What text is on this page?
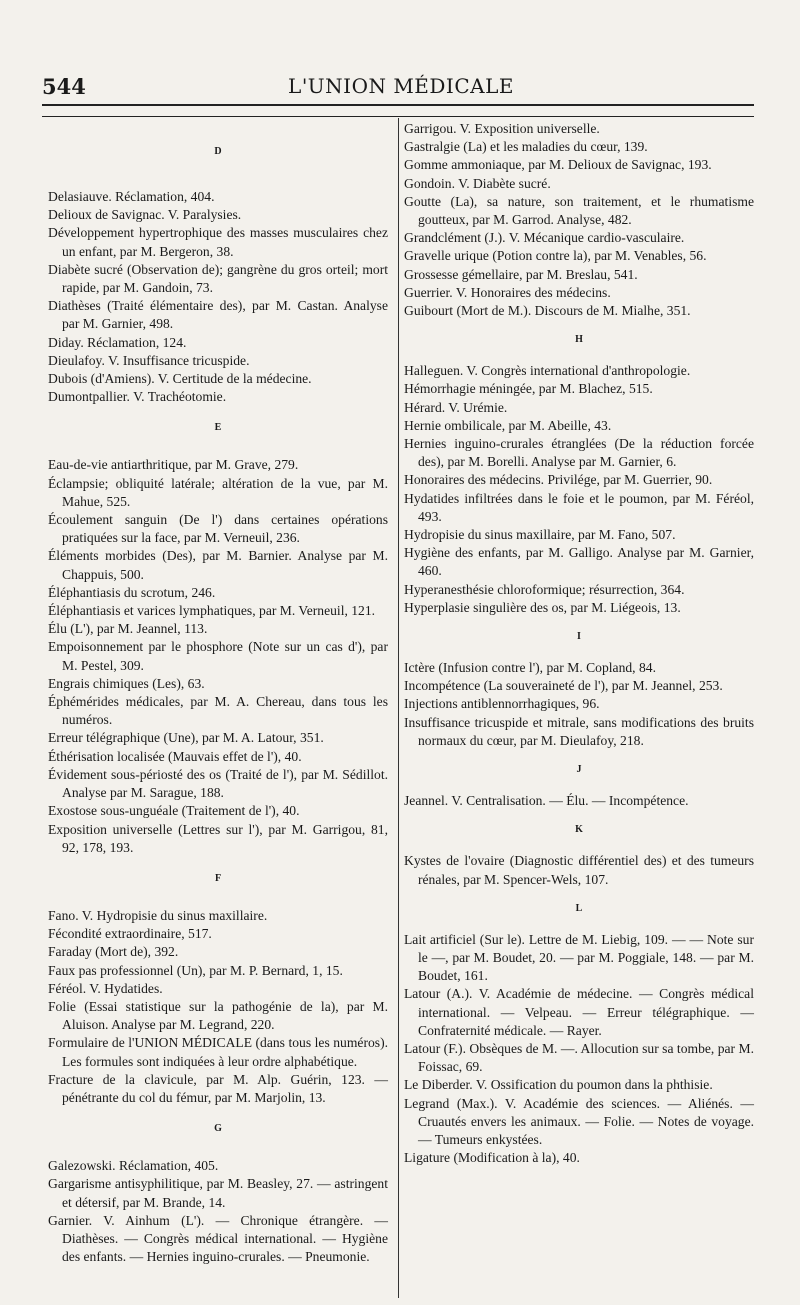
544	L'UNION MÉDICALE
D
Delasiauve. Réclamation, 404.
Delioux de Savignac. V. Paralysies.
Développement hypertrophique des masses musculaires chez un enfant, par M. Bergeron, 38.
Diabète sucré (Observation de); gangrène du gros orteil; mort rapide, par M. Gandoin, 73.
Diathèses (Traité élémentaire des), par M. Castan. Analyse par M. Garnier, 498.
Diday. Réclamation, 124.
Dieulafoy. V. Insuffisance tricuspide.
Dubois (d'Amiens). V. Certitude de la médecine.
Dumontpallier. V. Trachéotomie.
E
Eau-de-vie antiarthritique, par M. Grave, 279.
Éclampsie; obliquité latérale; altération de la vue, par M. Mahue, 525.
Écoulement sanguin (De l') dans certaines opérations pratiquées sur la face, par M. Verneuil, 236.
Éléments morbides (Des), par M. Barnier. Analyse par M. Chappuis, 500.
Éléphantiasis du scrotum, 246.
Éléphantiasis et varices lymphatiques, par M. Verneuil, 121.
Élu (L'), par M. Jeannel, 113.
Empoisonnement par le phosphore (Note sur un cas d'), par M. Pestel, 309.
Engrais chimiques (Les), 63.
Éphémérides médicales, par M. A. Chereau, dans tous les numéros.
Erreur télégraphique (Une), par M. A. Latour, 351.
Éthérisation localisée (Mauvais effet de l'), 40.
Évidement sous-périosté des os (Traité de l'), par M. Sédillot. Analyse par M. Sarague, 188.
Exostose sous-unguéale (Traitement de l'), 40.
Exposition universelle (Lettres sur l'), par M. Garrigou, 81, 92, 178, 193.
F
Fano. V. Hydropisie du sinus maxillaire.
Fécondité extraordinaire, 517.
Faraday (Mort de), 392.
Faux pas professionnel (Un), par M. P. Bernard, 1, 15.
Féréol. V. Hydatides.
Folie (Essai statistique sur la pathogénie de la), par M. Aluison. Analyse par M. Legrand, 220.
Formulaire de l'UNION MÉDICALE (dans tous les numéros). Les formules sont indiquées à leur ordre alphabétique.
Fracture de la clavicule, par M. Alp. Guérin, 123. — pénétrante du col du fémur, par M. Marjolin, 13.
G
Galezowski. Réclamation, 405.
Gargarisme antisyphilitique, par M. Beasley, 27. — astringent et détersif, par M. Brande, 14.
Garnier. V. Ainhum (L'). — Chronique étrangère. — Diathèses. — Congrès médical international. — Hygiène des enfants. — Hernies inguino-crurales. — Pneumonie.
Garrigou. V. Exposition universelle.
Gastralgie (La) et les maladies du cœur, 139.
Gomme ammoniaque, par M. Delioux de Savignac, 193.
Gondoin. V. Diabète sucré.
Goutte (La), sa nature, son traitement, et le rhumatisme goutteux, par M. Garrod. Analyse, 482.
Grandclément (J.). V. Mécanique cardio-vasculaire.
Gravelle urique (Potion contre la), par M. Venables, 56.
Grossesse gémellaire, par M. Breslau, 541.
Guerrier. V. Honoraires des médecins.
Guibourt (Mort de M.). Discours de M. Mialhe, 351.
H
Halleguen. V. Congrès international d'anthropologie.
Hémorrhagie méningée, par M. Blachez, 515.
Hérard. V. Urémie.
Hernie ombilicale, par M. Abeille, 43.
Hernies inguino-crurales étranglées (De la réduction forcée des), par M. Borelli. Analyse par M. Garnier, 6.
Honoraires des médecins. Privilége, par M. Guerrier, 90.
Hydatides infiltrées dans le foie et le poumon, par M. Féréol, 493.
Hydropisie du sinus maxillaire, par M. Fano, 507.
Hygiène des enfants, par M. Galligo. Analyse par M. Garnier, 460.
Hyperanesthésie chloroformique; résurrection, 364.
Hyperplasie singulière des os, par M. Liégeois, 13.
I
Ictère (Infusion contre l'), par M. Copland, 84.
Incompétence (La souveraineté de l'), par M. Jeannel, 253.
Injections antiblennorrhagiques, 96.
Insuffisance tricuspide et mitrale, sans modifications des bruits normaux du cœur, par M. Dieulafoy, 218.
J
Jeannel. V. Centralisation. — Élu. — Incompétence.
K
Kystes de l'ovaire (Diagnostic différentiel des) et des tumeurs rénales, par M. Spencer-Wels, 107.
L
Lait artificiel (Sur le). Lettre de M. Liebig, 109. — — Note sur le —, par M. Boudet, 20. — par M. Poggiale, 148. — par M. Boudet, 161.
Latour (A.). V. Académie de médecine. — Congrès médical international. — Velpeau. — Erreur télégraphique. — Confraternité médicale. — Rayer.
Latour (F.). Obsèques de M. —. Allocution sur sa tombe, par M. Foissac, 69.
Le Diberder. V. Ossification du poumon dans la phthisie.
Legrand (Max.). V. Académie des sciences. — Aliénés. — Cruautés envers les animaux. — Folie. — Notes de voyage. — Tumeurs enkystées.
Ligature (Modification à la), 40.
